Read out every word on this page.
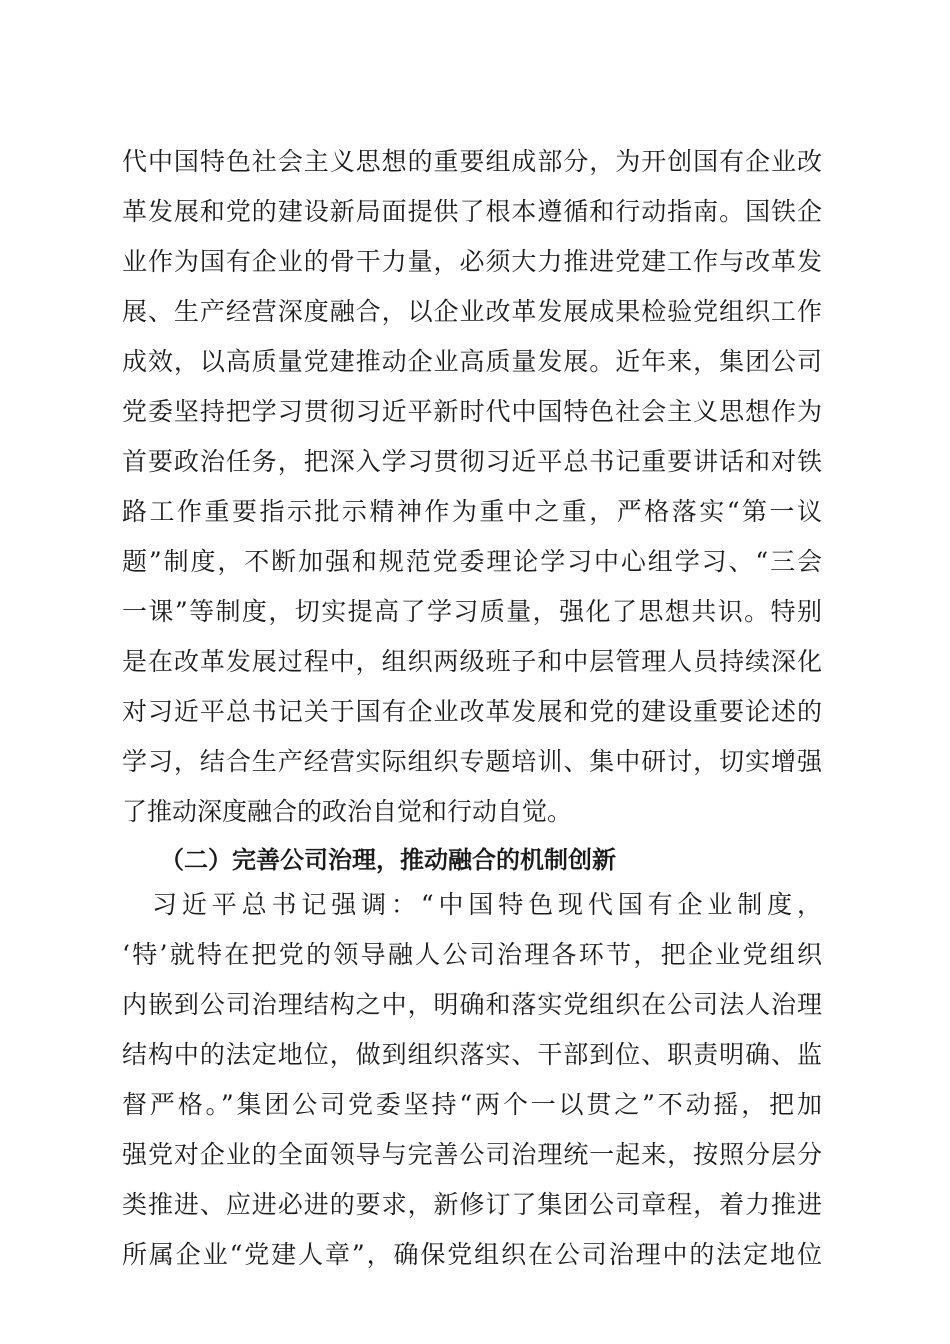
代中国特色社会主义思想的重要组成部分，为开创国有企业改
革发展和党的建设新局面提供了根本遵循和行动指南。国铁企
业作为国有企业的骨干力量，必须大力推进党建工作与改革发
展、生产经营深度融合，以企业改革发展成果检验党组织工作
成效，以高质量党建推动企业高质量发展。近年来，集团公司
党委坚持把学习贯彻习近平新时代中国特色社会主义思想作为
首要政治任务，把深入学习贯彻习近平总书记重要讲话和对铁
路工作重要指示批示精神作为重中之重，严格落实“第一议
题”制度，不断加强和规范党委理论学习中心组学习、“三会
一课”等制度，切实提高了学习质量，强化了思想共识。特别
是在改革发展过程中，组织两级班子和中层管理人员持续深化
对习近平总书记关于国有企业改革发展和党的建设重要论述的
学习，结合生产经营实际组织专题培训、集中研讨，切实增强
了推动深度融合的政治自觉和行动自觉。
（二）完善公司治理，推动融合的机制创新
习近平总书记强调：“中国特色现代国有企业制度，
‘特’就特在把党的领导融人公司治理各环节，把企业党组织
内嵌到公司治理结构之中，明确和落实党组织在公司法人治理
结构中的法定地位，做到组织落实、干部到位、职责明确、监
督严格。”集团公司党委坚持“两个一以贯之”不动摇，把加
强党对企业的全面领导与完善公司治理统一起来，按照分层分
类推进、应进必进的要求，新修订了集团公司章程，着力推进
所属企业“党建人章”，确保党组织在公司治理中的法定地位
